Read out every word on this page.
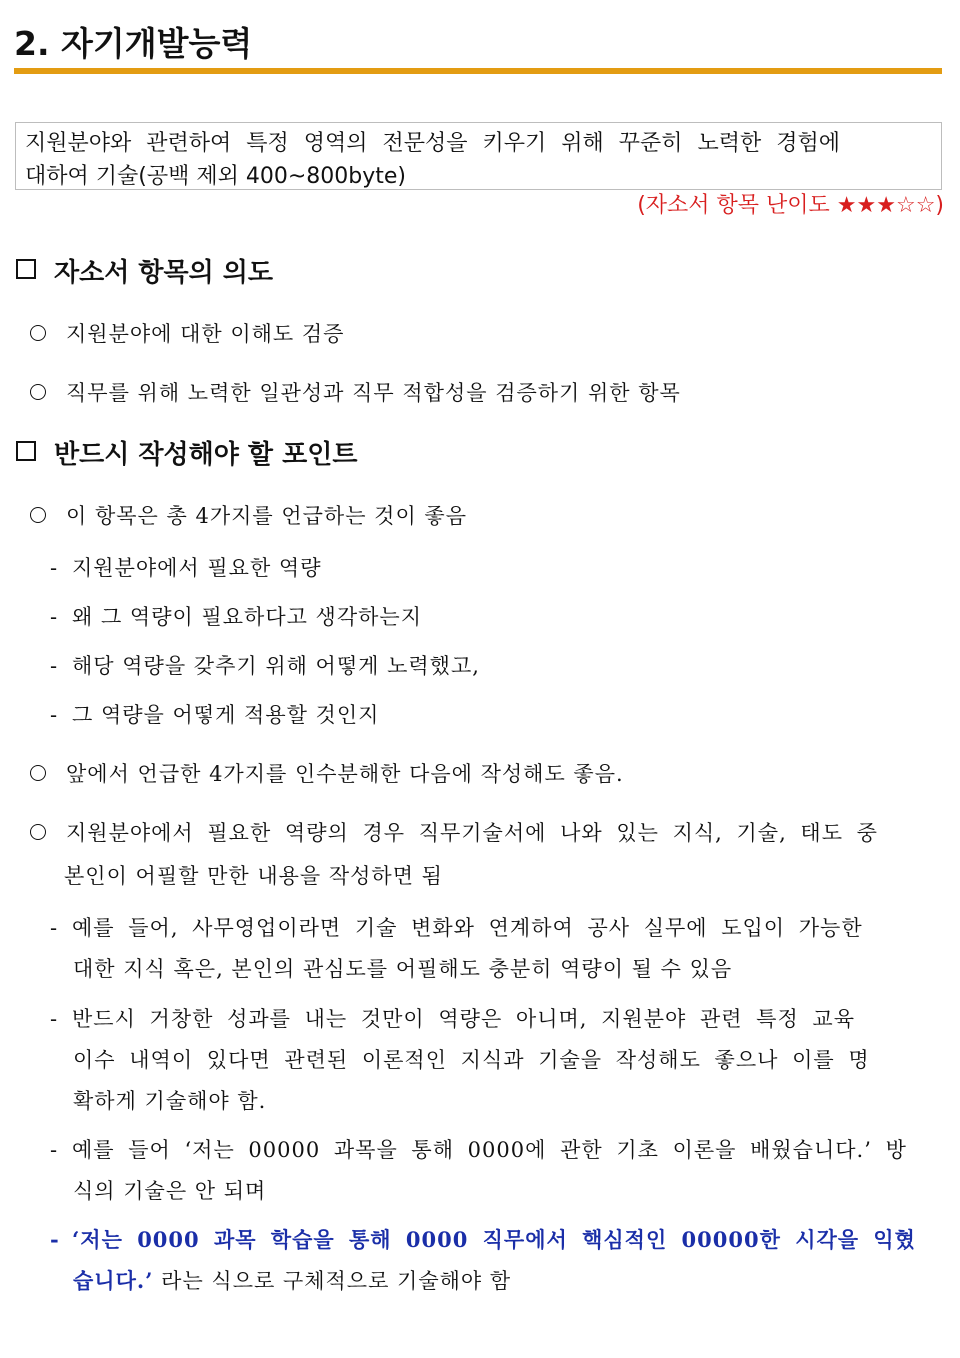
2. 자기개발능력
지원분야와 관련하여 특정 영역의 전문성을 키우기 위해 꾸준히 노력한 경험에
대하여 기술(공백 제외 400~800byte)
(자소서 항목 난이도 ★★★☆☆)
자소서 항목의 의도
지원분야에 대한 이해도 검증
직무를 위해 노력한 일관성과 직무 적합성을 검증하기 위한 항목
반드시 작성해야 할 포인트
이 항목은 총 4가지를 언급하는 것이 좋음
- 지원분야에서 필요한 역량
- 왜 그 역량이 필요하다고 생각하는지
- 해당 역량을 갖추기 위해 어떻게 노력했고,
- 그 역량을 어떻게 적용할 것인지
앞에서 언급한 4가지를 인수분해한 다음에 작성해도 좋음.
지원분야에서 필요한 역량의 경우 직무기술서에 나와 있는 지식, 기술, 태도 중
본인이 어필할 만한 내용을 작성하면 됨
- 예를 들어, 사무영업이라면 기술 변화와 연계하여 공사 실무에 도입이 가능한
대한 지식 혹은, 본인의 관심도를 어필해도 충분히 역량이 될 수 있음
- 반드시 거창한 성과를 내는 것만이 역량은 아니며, 지원분야 관련 특정 교육
이수 내역이 있다면 관련된 이론적인 지식과 기술을 작성해도 좋으나 이를 명
확하게 기술해야 함.
- 예를 들어 ‘저는 00000 과목을 통해 0000에 관한 기초 이론을 배웠습니다.’ 방
식의 기술은 안 되며
- ‘저는 0000 과목 학습을 통해 0000 직무에서 핵심적인 00000한 시각을 익혔
습니다.’ 라는 식으로 구체적으로 기술해야 함
